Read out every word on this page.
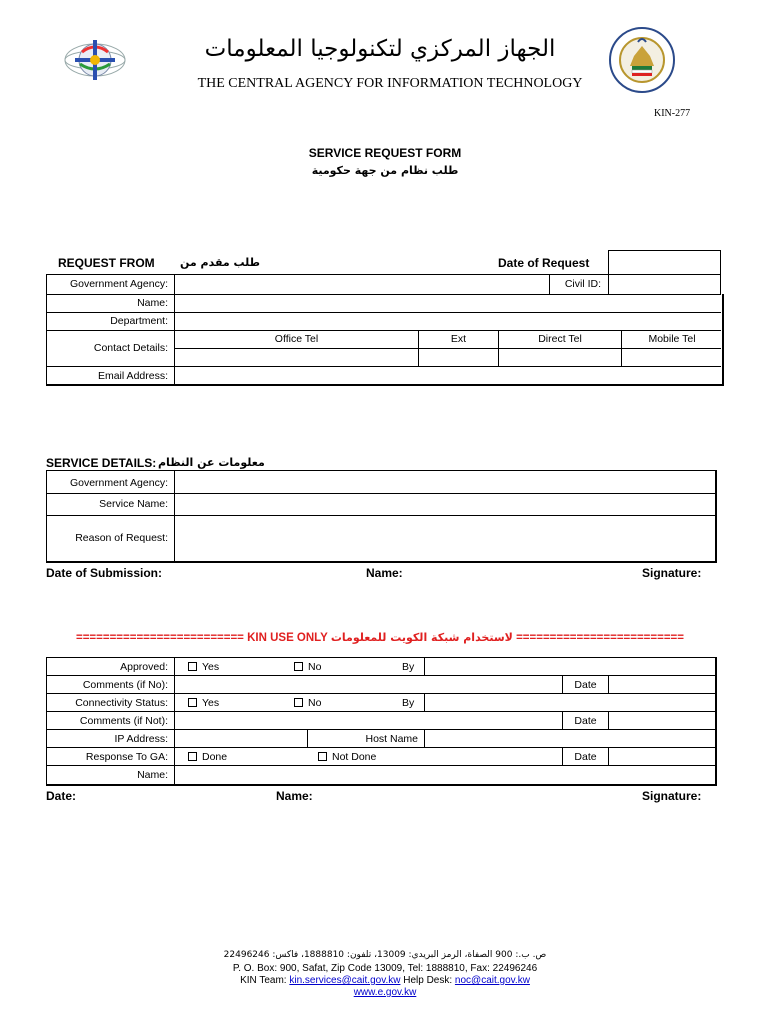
الجهاز المركزي لتكنولوجيا المعلومات
THE CENTRAL AGENCY FOR INFORMATION TECHNOLOGY
KIN-277
SERVICE REQUEST FORM
طلب نظام من جهة حكومية
REQUEST FROM طلب مقدم من	Date of Request
Government Agency:	Civil ID:
Name:
Department:
Contact Details:
Office Tel	Ext	Direct Tel	Mobile Tel
Email Address:
SERVICE DETAILS: معلومات عن النظام
Government Agency:
Service Name:
Reason of Request:
Date of Submission:	Name:	Signature:
========================= KIN USE ONLY لاستخدام شبكة الكويت للمعلومات =========================
Approved:	Yes	No	By
Comments (if No):	Date
Connectivity Status:	Yes	No	By
Comments (if Not):	Date
IP Address:	Host Name
Response To GA:	Done	Not Done	Date
Name:
Date:	Name:	Signature:
ص. ب.: 900 الصفاة، الرمز البريدي: 13009، تلفون: 1888810، فاكس: 22496246
P. O. Box: 900, Safat, Zip Code 13009, Tel: 1888810, Fax: 22496246
KIN Team: kin.services@cait.gov.kw Help Desk: noc@cait.gov.kw
www.e.gov.kw
